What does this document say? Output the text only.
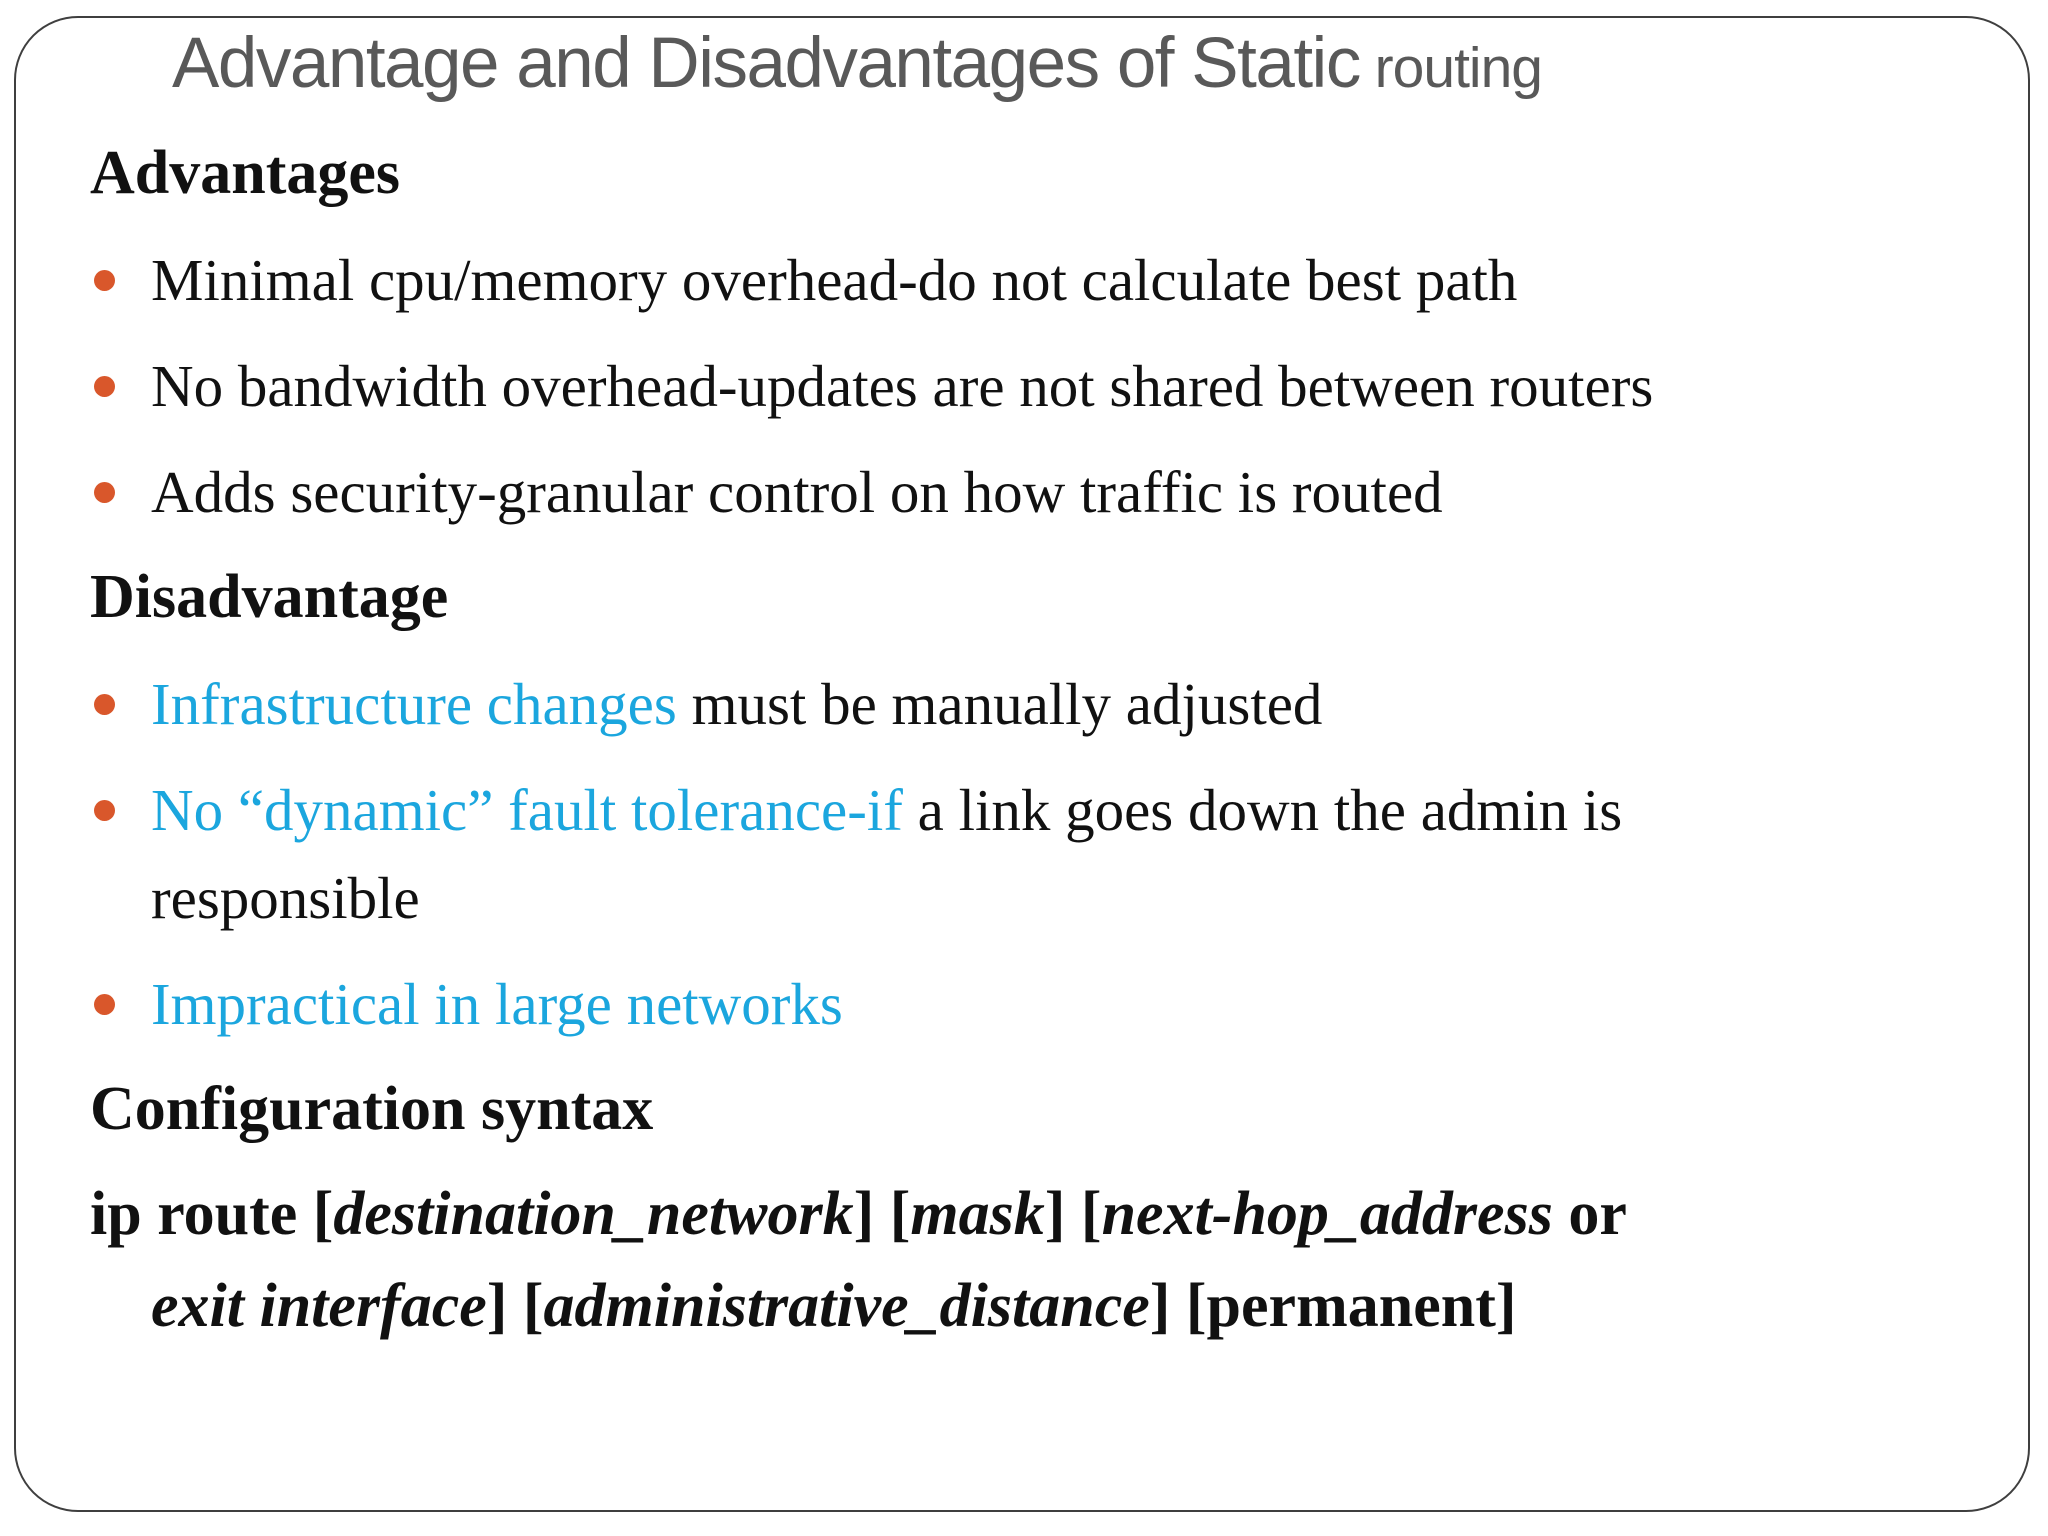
Advantage and Disadvantages of Static routing
Advantages
Minimal cpu/memory overhead-do not calculate best path
No bandwidth overhead-updates are not shared between routers
Adds security-granular control on how traffic is routed
Disadvantage
Infrastructure changes must be manually adjusted
No “dynamic” fault tolerance-if a link goes down the admin is
responsible
Impractical in large networks
Configuration syntax
ip route [destination_network] [mask] [next-hop_address or
exit interface] [administrative_distance] [permanent]
